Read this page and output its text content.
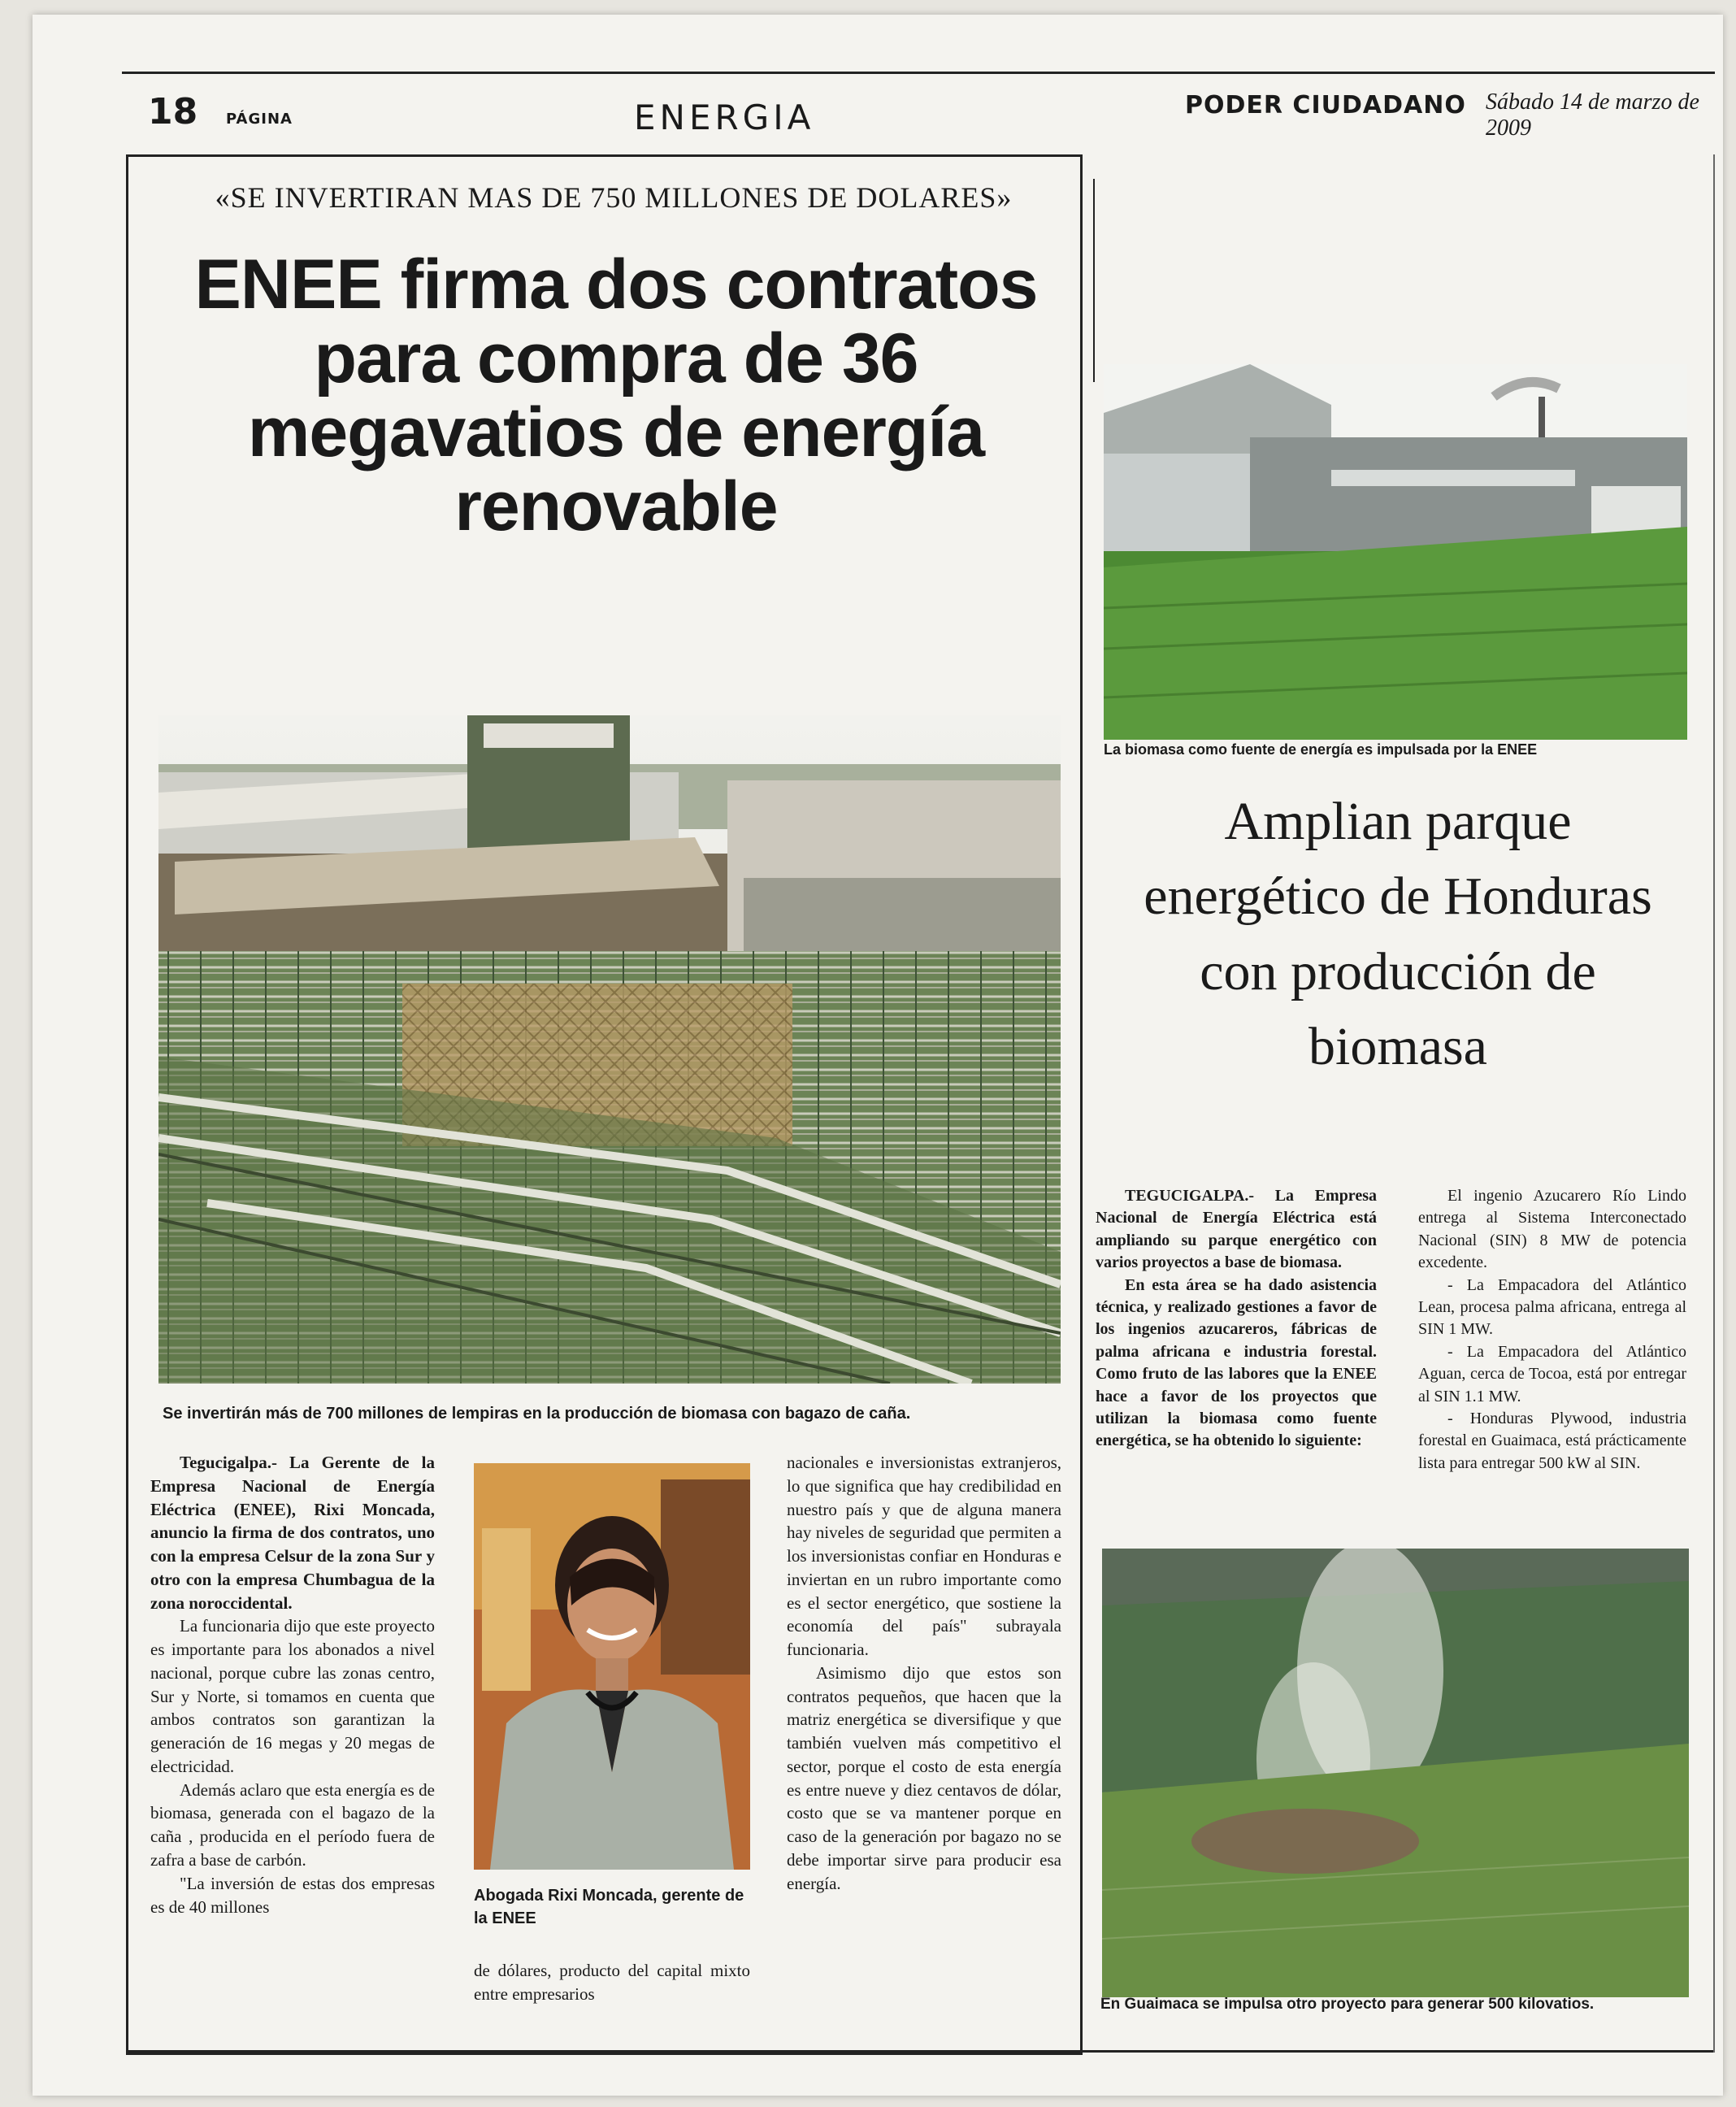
18 PÁGINA	ENERGIA	PODER CIUDADANO Sábado 14 de marzo de 2009
«SE INVERTIRAN MAS DE 750 MILLONES DE DOLARES»
ENEE firma dos contratos para compra de 36 megavatios de energía renovable
Se invertirán más de 700 millones de lempiras en la producción de biomasa con bagazo de caña.

Tegucigalpa.- La Gerente de la Empresa Nacional de Energía Eléctrica (ENEE), Rixi Moncada, anuncio la firma de dos contratos, uno con la empresa Celsur de la zona Sur y otro con la empresa Chumbagua de la zona noroccidental.

La funcionaria dijo que este proyecto es importante para los abonados a nivel nacional, porque cubre las zonas centro, Sur y Norte, si tomamos en cuenta que ambos contratos son garantizan la generación de 16 megas y 20 megas de electricidad.

Además aclaro que esta energía es de biomasa, generada con el bagazo de la caña , producida en el período fuera de zafra a base de carbón.

"La inversión de estas dos empresas es de 40 millones

Abogada Rixi Moncada, gerente de la ENEE
de dólares, producto del capital mixto entre empresarios

nacionales e inversionistas extranjeros, lo que significa que hay credibilidad en nuestro país y que de alguna manera hay niveles de seguridad que permiten a los inversionistas confiar en Honduras e inviertan en un rubro importante como es el sector energético, que sostiene la economía del país" subrayala funcionaria.

Asimismo dijo que estos son contratos pequeños, que hacen que la matriz energética se diversifique y que también vuelven más competitivo el sector, porque el costo de esta energía es entre nueve y diez centavos de dólar, costo que se va mantener porque en caso de la generación por bagazo no se debe importar sirve para producir esa energía.

La biomasa como fuente de energía es impulsada por la ENEE
Amplian parque energético de Honduras con producción de biomasa

TEGUCIGALPA.- La Empresa Nacional de Energía Eléctrica está ampliando su parque energético con varios proyectos a base de biomasa.

En esta área se ha dado asistencia técnica, y realizado gestiones a favor de los ingenios azucareros, fábricas de palma africana e industria forestal. Como fruto de las labores que la ENEE hace a favor de los proyectos que utilizan la biomasa como fuente energética, se ha obtenido lo siguiente:

El ingenio Azucarero Río Lindo entrega al Sistema Interconectado Nacional (SIN) 8 MW de potencia excedente.

- La Empacadora del Atlántico Lean, procesa palma africana, entrega al SIN 1 MW.

- La Empacadora del Atlántico Aguan, cerca de Tocoa, está por entregar al SIN 1.1 MW.

- Honduras Plywood, industria forestal en Guaimaca, está prácticamente lista para entregar 500 kW al SIN.

En Guaimaca se impulsa otro proyecto para generar 500 kilovatios.
